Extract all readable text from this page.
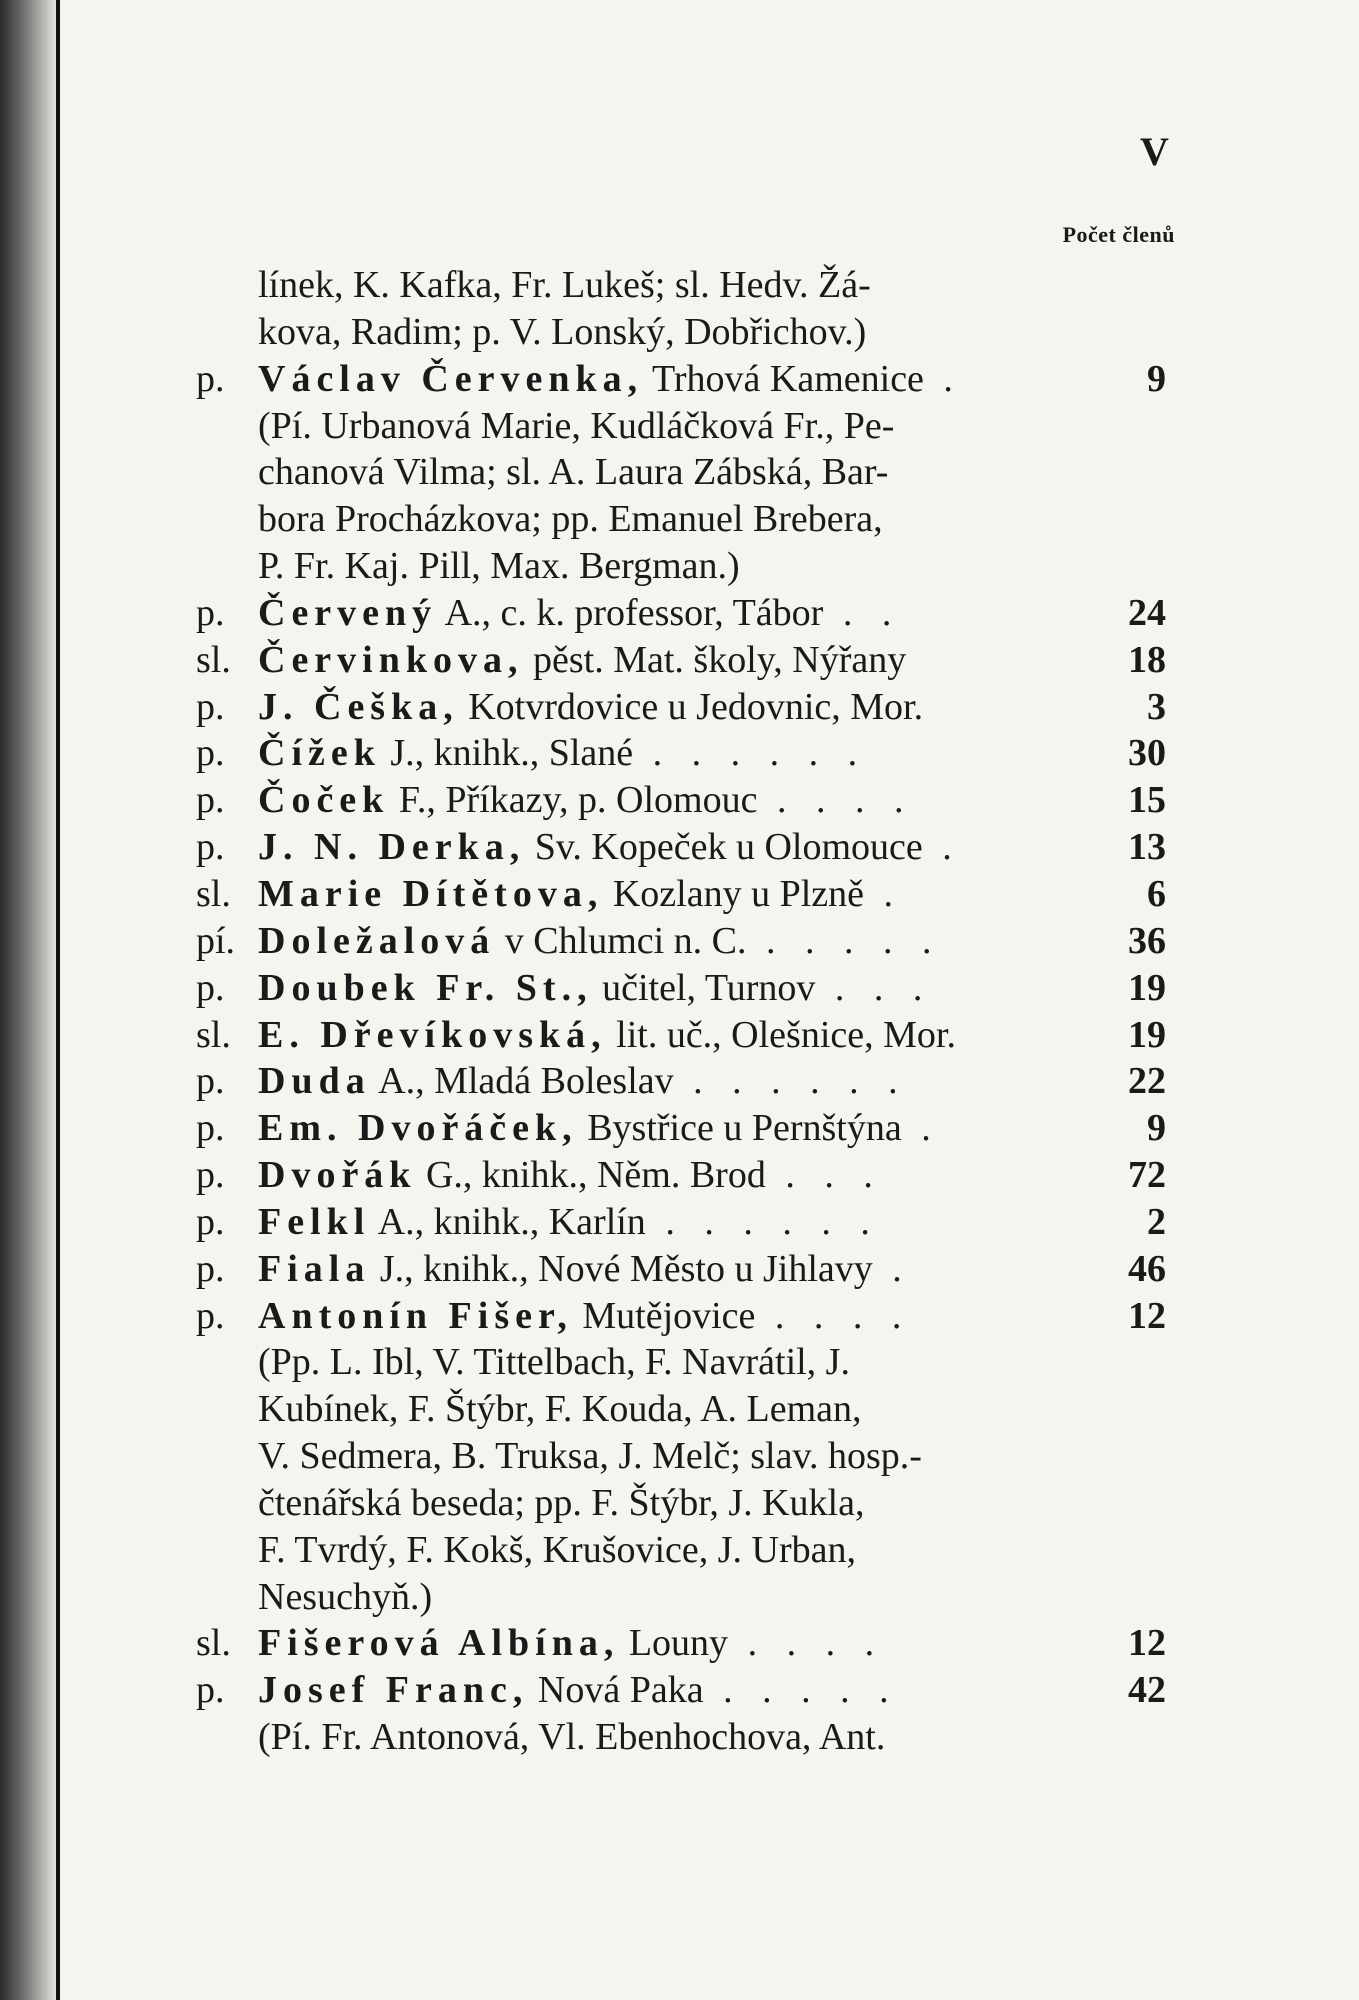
V
Počet členů
línek, K. Kafka, Fr. Lukeš; sl. Hedv. Žá-
kova, Radim; p. V. Lonský, Dobřichov.)
p. Václav Červenka, Trhová Kamenice .	9
(Pí. Urbanová Marie, Kudláčková Fr., Pe-
chanová Vilma; sl. A. Laura Zábská, Bar-
bora Procházkova; pp. Emanuel Brebera,
P. Fr. Kaj. Pill, Max. Bergman.)
p. Červený A., c. k. professor, Tábor . .	24
sl. Červinkova, pěst. Mat. školy, Nýřany	18
p. J. Češka, Kotvrdovice u Jedovnic, Mor.	3
p. Čížek J., knihk., Slané . . . . . .	30
p. Čoček F., Příkazy, p. Olomouc . . . .	15
p. J. N. Derka, Sv. Kopeček u Olomouce .	13
sl. Marie Dítětova, Kozlany u Plzně .	6
pí. Doležalová v Chlumci n. C. . . . . .	36
p. Doubek Fr. St., učitel, Turnov . . .	19
sl. E. Dřevíkovská, lit. uč., Olešnice, Mor.	19
p. Duda A., Mladá Boleslav . . . . . .	22
p. Em. Dvořáček, Bystřice u Pernštýna .	9
p. Dvořák G., knihk., Něm. Brod . . .	72
p. Felkl A., knihk., Karlín . . . . . .	2
p. Fiala J., knihk., Nové Město u Jihlavy .	46
p. Antonín Fišer, Mutějovice . . . .	12
(Pp. L. Ibl, V. Tittelbach, F. Navrátil, J.
Kubínek, F. Štýbr, F. Kouda, A. Leman,
V. Sedmera, B. Truksa, J. Melč; slav. hosp.-
čtenářská beseda; pp. F. Štýbr, J. Kukla,
F. Tvrdý, F. Kokš, Krušovice, J. Urban,
Nesuchyň.)
sl. Fišerová Albína, Louny . . . .	12
p. Josef Franc, Nová Paka . . . . .	42
(Pí. Fr. Antonová, Vl. Ebenhochova, Ant.
